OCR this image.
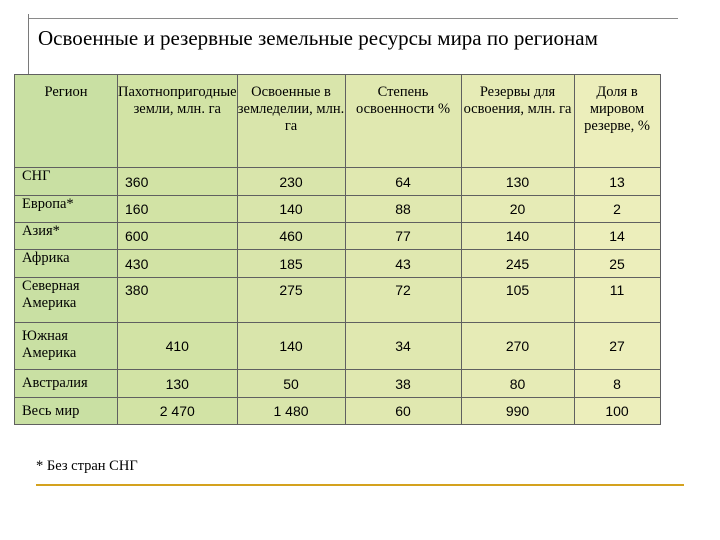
Освоенные и резервные земельные ресурсы мира по регионам
Регион	Пахотнопригодные земли, млн. га	Освоенные в земледелии, млн. га	Степень освоенности %	Резервы для освоения, млн. га	Доля в мировом резерве, %
СНГ	360	230	64	130	13
Европа*	160	140	88	20	2
Азия*	600	460	77	140	14
Африка	430	185	43	245	25
Северная Америка	380	275	72	105	11
Южная Америка	410	140	34	270	27
Австралия	130	50	38	80	8
Весь мир	2 470	1 480	60	990	100
* Без стран СНГ
